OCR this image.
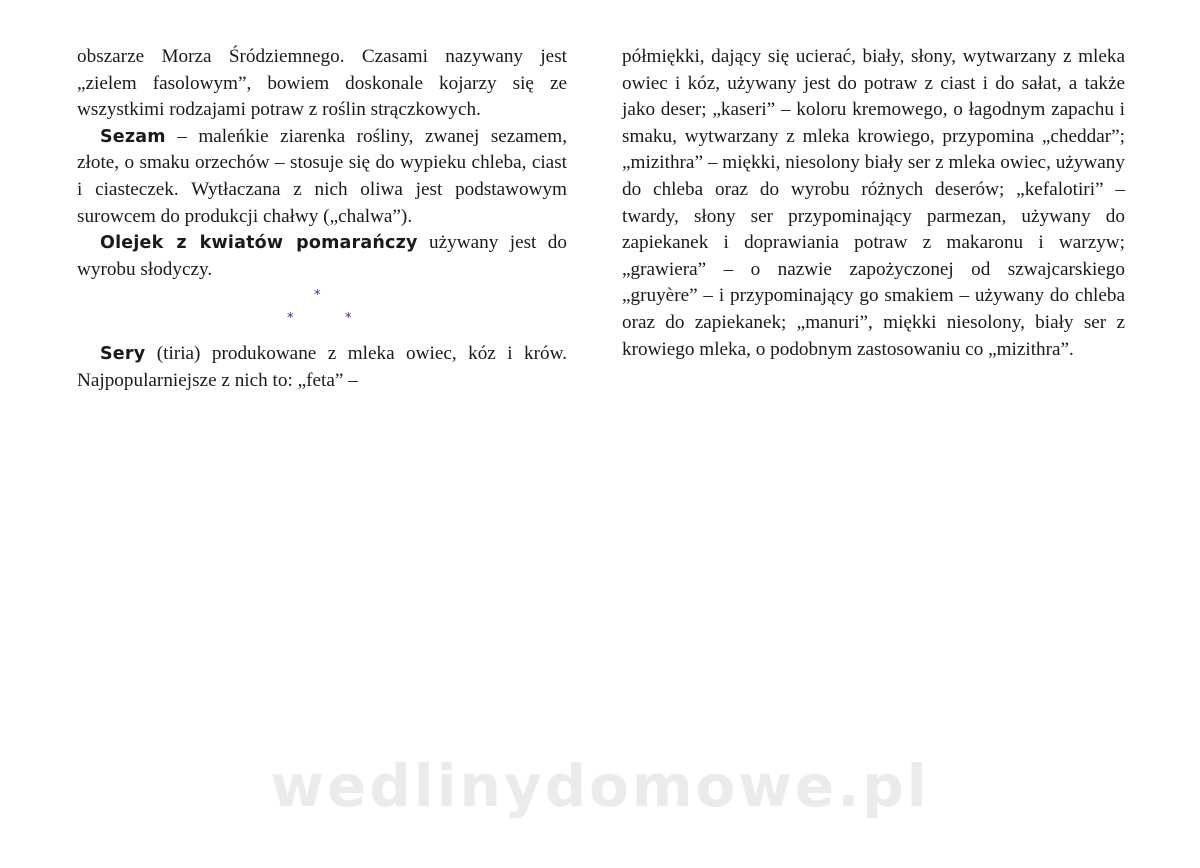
obszarze Morza Śródziemnego. Czasami nazywany jest „zielem fasolowym”, bowiem doskonale kojarzy się ze wszystkimi rodzajami potraw z roślin strączkowych.

Sezam – maleńkie ziarenka rośliny, zwanej sezamem, złote, o smaku orzechów – stosuje się do wypieku chleba, ciast i ciasteczek. Wytłaczana z nich oliwa jest podstawowym surowcem do produkcji chałwy („chalwa”).

Olejek z kwiatów pomarańczy używany jest do wyrobu słodyczy.

*
*	*

Sery (tiria) produkowane z mleka owiec, kóz i krów. Najpopularniejsze z nich to: „feta” –

półmiękki, dający się ucierać, biały, słony, wytwarzany z mleka owiec i kóz, używany jest do potraw z ciast i do sałat, a także jako deser; „kaseri” – koloru kremowego, o łagodnym zapachu i smaku, wytwarzany z mleka krowiego, przypomina „cheddar”; „mizithra” – miękki, niesolony biały ser z mleka owiec, używany do chleba oraz do wyrobu różnych deserów; „kefalotiri” – twardy, słony ser przypominający parmezan, używany do zapiekanek i doprawiania potraw z makaronu i warzyw; „grawiera” – o nazwie zapożyczonej od szwajcarskiego „gruyère” – i przypominający go smakiem – używany do chleba oraz do zapiekanek; „manuri”, miękki niesolony, biały ser z krowiego mleka, o podobnym zastosowaniu co „mizithra”.

wedlinydomowe.pl
